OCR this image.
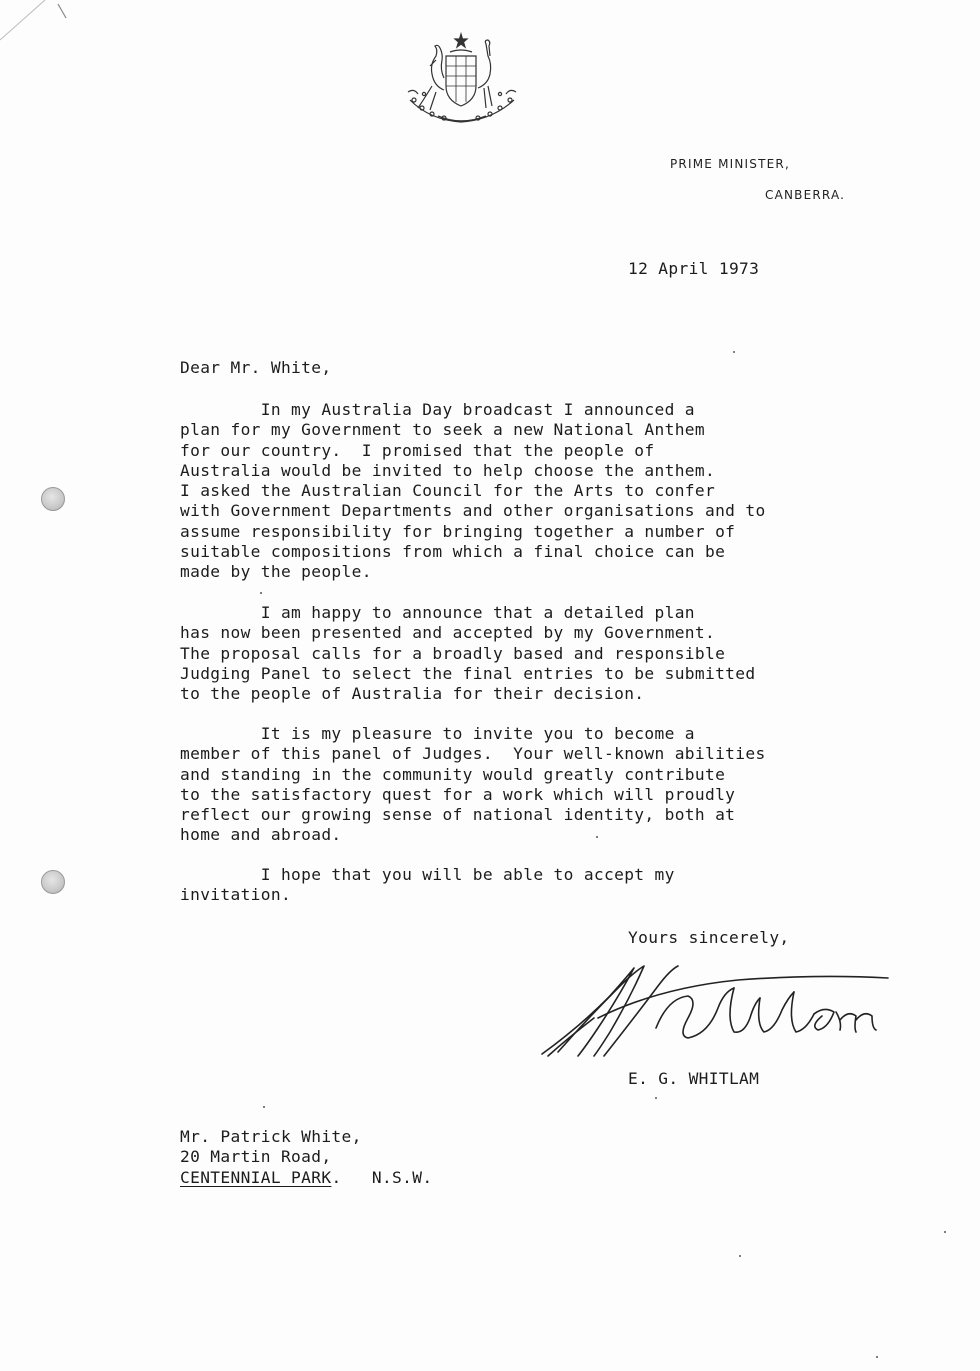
PRIME MINISTER,
CANBERRA.
12 April 1973
Dear Mr. White,
In my Australia Day broadcast I announced a
plan for my Government to seek a new National Anthem
for our country.  I promised that the people of
Australia would be invited to help choose the anthem.
I asked the Australian Council for the Arts to confer
with Government Departments and other organisations and to
assume responsibility for bringing together a number of
suitable compositions from which a final choice can be
made by the people.
I am happy to announce that a detailed plan
has now been presented and accepted by my Government.
The proposal calls for a broadly based and responsible
Judging Panel to select the final entries to be submitted
to the people of Australia for their decision.
It is my pleasure to invite you to become a
member of this panel of Judges.  Your well-known abilities
and standing in the community would greatly contribute
to the satisfactory quest for a work which will proudly
reflect our growing sense of national identity, both at
home and abroad.
I hope that you will be able to accept my
invitation.
Yours sincerely,
E. G. WHITLAM
Mr. Patrick White,
20 Martin Road,
CENTENNIAL PARK. N.S.W.
